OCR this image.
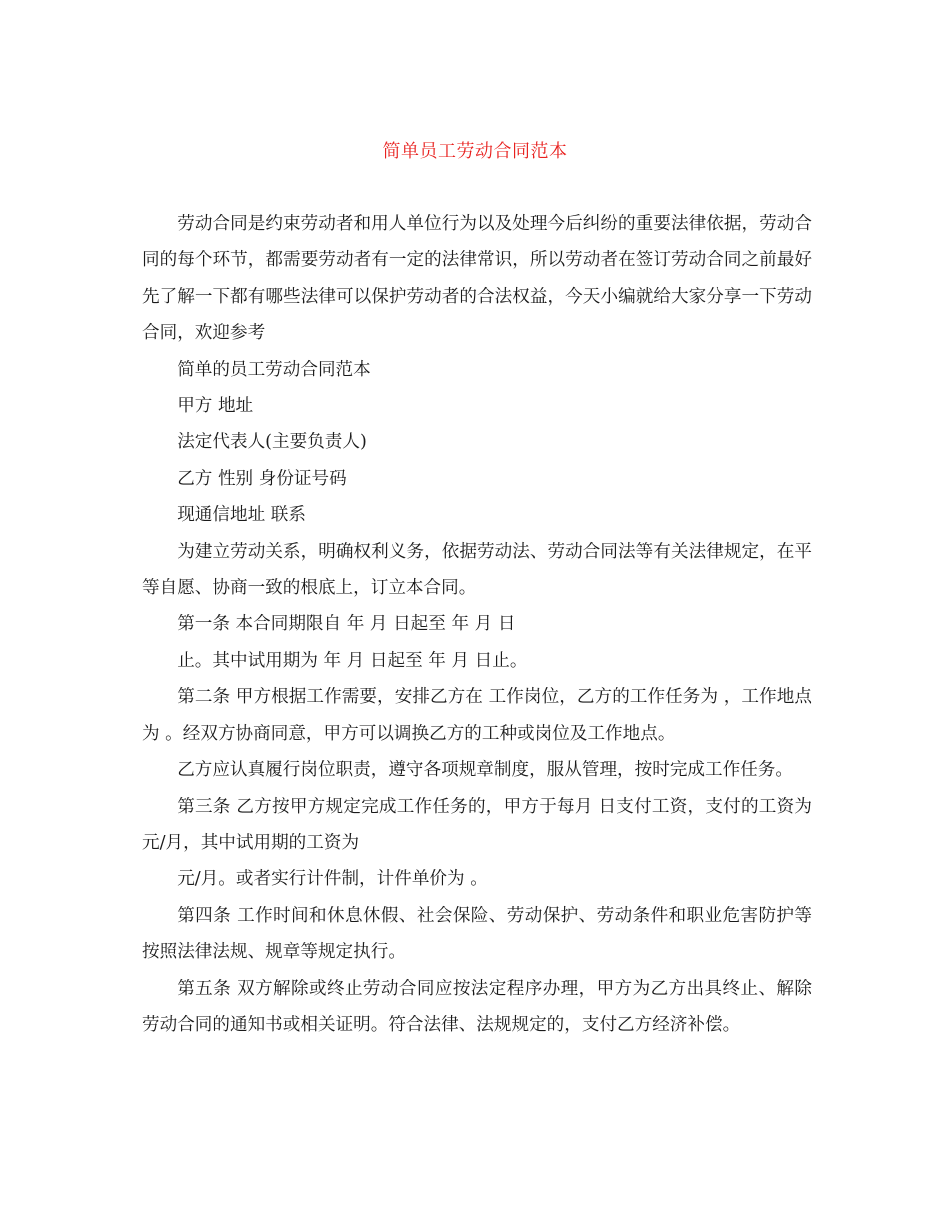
简单员工劳动合同范本

劳动合同是约束劳动者和用人单位行为以及处理今后纠纷的重要法律依据，劳动合同的每个环节，都需要劳动者有一定的法律常识，所以劳动者在签订劳动合同之前最好先了解一下都有哪些法律可以保护劳动者的合法权益，今天小编就给大家分享一下劳动合同，欢迎参考

简单的员工劳动合同范本

甲方 地址

法定代表人(主要负责人)

乙方 性别 身份证号码

现通信地址 联系

为建立劳动关系，明确权利义务，依据劳动法、劳动合同法等有关法律规定，在平等自愿、协商一致的根底上，订立本合同。

第一条 本合同期限自 年 月 日起至 年 月 日

止。其中试用期为 年 月 日起至 年 月 日止。

第二条 甲方根据工作需要，安排乙方在 工作岗位，乙方的工作任务为 ，工作地点为 。经双方协商同意，甲方可以调换乙方的工种或岗位及工作地点。

乙方应认真履行岗位职责，遵守各项规章制度，服从管理，按时完成工作任务。

第三条 乙方按甲方规定完成工作任务的，甲方于每月 日支付工资，支付的工资为 元/月，其中试用期的工资为

元/月。或者实行计件制，计件单价为 。

第四条 工作时间和休息休假、社会保险、劳动保护、劳动条件和职业危害防护等按照法律法规、规章等规定执行。

第五条 双方解除或终止劳动合同应按法定程序办理，甲方为乙方出具终止、解除劳动合同的通知书或相关证明。符合法律、法规规定的，支付乙方经济补偿。
